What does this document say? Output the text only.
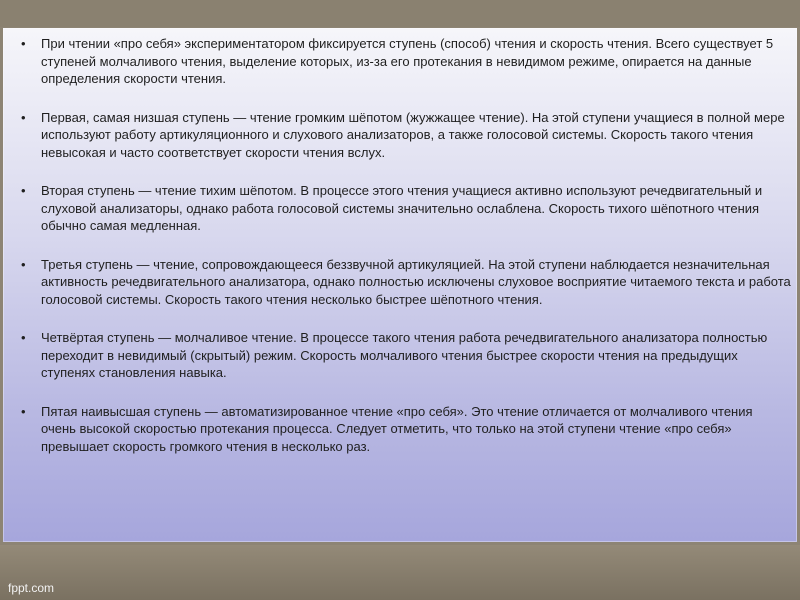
• При чтении «про себя» экспериментатором фиксируется ступень (способ) чтения и скорость чтения. Всего существует 5 ступеней молчаливого чтения, выделение которых, из-за его протекания в невидимом режиме, опирается на данные определения скорости чтения.
• Первая, самая низшая ступень — чтение громким шёпотом (жужжащее чтение). На этой ступени учащиеся в полной мере используют работу артикуляционного и слухового анализаторов, а также голосовой системы. Скорость такого чтения невысокая и часто соответствует скорости чтения вслух.
• Вторая ступень — чтение тихим шёпотом. В процессе этого чтения учащиеся активно используют речедвигательный и слуховой анализаторы, однако работа голосовой системы значительно ослаблена. Скорость тихого шёпотного чтения обычно самая медленная.
• Третья ступень — чтение, сопровождающееся беззвучной артикуляцией. На этой ступени наблюдается незначительная активность речедвигательного анализатора, однако полностью исключены слуховое восприятие читаемого текста и работа голосовой системы. Скорость такого чтения несколько быстрее шёпотного чтения.
• Четвёртая ступень — молчаливое чтение. В процессе такого чтения работа речедвигательного анализатора полностью переходит в невидимый (скрытый) режим. Скорость молчаливого чтения быстрее скорости чтения на предыдущих ступенях становления навыка.
• Пятая наивысшая ступень — автоматизированное чтение «про себя». Это чтение отличается от молчаливого чтения очень высокой скоростью протекания процесса. Следует отметить, что только на этой ступени чтение «про себя» превышает скорость громкого чтения в несколько раз.
fppt.com
